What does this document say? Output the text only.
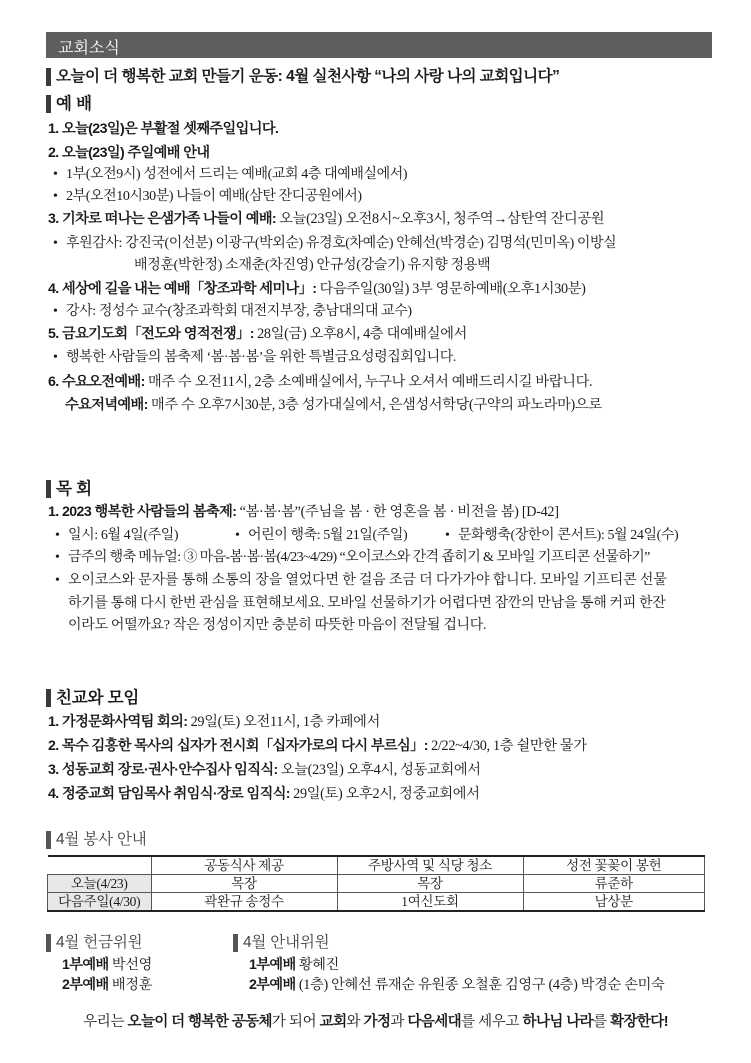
교회소식
오늘이 더 행복한 교회 만들기 운동: 4월 실천사항 “나의 사랑 나의 교회입니다”
예 배
1. 오늘(23일)은 부활절 셋째주일입니다.
2. 오늘(23일) 주일예배 안내
• 1부(오전9시) 성전에서 드리는 예배(교회 4층 대예배실에서)
• 2부(오전10시30분) 나들이 예배(삼탄 잔디공원에서)
3. 기차로 떠나는 은샘가족 나들이 예배: 오늘(23일) 오전8시~오후3시, 청주역→삼탄역 잔디공원
• 후원감사: 강진국(이선분) 이광구(박외순) 유경호(차예순) 안혜선(박경순) 김명석(민미옥) 이방실
배정훈(박한정) 소재춘(차진영) 안규성(강슬기) 유지향 정용백
4. 세상에 길을 내는 예배「창조과학 세미나」: 다음주일(30일) 3부 영문하예배(오후1시30분)
• 강사: 정성수 교수(창조과학회 대전지부장, 충남대의대 교수)
5. 금요기도회「전도와 영적전쟁」: 28일(금) 오후8시, 4층 대예배실에서
• 행복한 사람들의 봄축제 ‘봄·봄·봄’을 위한 특별금요성령집회입니다.
6. 수요오전예배: 매주 수 오전11시, 2층 소예배실에서, 누구나 오셔서 예배드리시길 바랍니다.
수요저녁예배: 매주 수 오후7시30분, 3층 성가대실에서, 은샘성서학당(구약의 파노라마)으로
목 회
1. 2023 행복한 사람들의 봄축제: “봄·봄·봄”(주님을 봄 · 한 영혼을 봄 · 비전을 봄) [D-42]
• 일시: 6월 4일(주일)	• 어린이 행축: 5월 21일(주일)	• 문화행축(장한이 콘서트): 5월 24일(수)
• 금주의 행축 메뉴얼: ③ 마음-봄·봄·봄(4/23~4/29) “오이코스와 간격 좁히기 & 모바일 기프티콘 선물하기”
• 오이코스와 문자를 통해 소통의 장을 열었다면 한 걸음 조금 더 다가가야 합니다. 모바일 기프티콘 선물
하기를 통해 다시 한번 관심을 표현해보세요. 모바일 선물하기가 어렵다면 잠깐의 만남을 통해 커피 한잔
이라도 어떨까요? 작은 정성이지만 충분히 따뜻한 마음이 전달될 겁니다.
친교와 모임
1. 가정문화사역팀 회의: 29일(토) 오전11시, 1층 카페에서
2. 목수 김홍한 목사의 십자가 전시회「십자가로의 다시 부르심」: 2/22~4/30, 1층 쉴만한 물가
3. 성동교회 장로·권사·안수집사 임직식: 오늘(23일) 오후4시, 성동교회에서
4. 정중교회 담임목사 취임식·장로 임직식: 29일(토) 오후2시, 정중교회에서
4월 봉사 안내
	공동식사 제공	주방사역 및 식당 청소	성전 꽃꽂이 봉헌
오늘(4/23)	목장	목장	류준하
다음주일(4/30)	곽완규 송정수	1여신도회	남상분
4월 헌금위원
1부예배 박선영
2부예배 배정훈
4월 안내위원
1부예배 황혜진
2부예배 (1층) 안혜선 류재순 유원종 오철훈 김영구 (4층) 박경순 손미숙
우리는 오늘이 더 행복한 공동체가 되어 교회와 가정과 다음세대를 세우고 하나님 나라를 확장한다!
